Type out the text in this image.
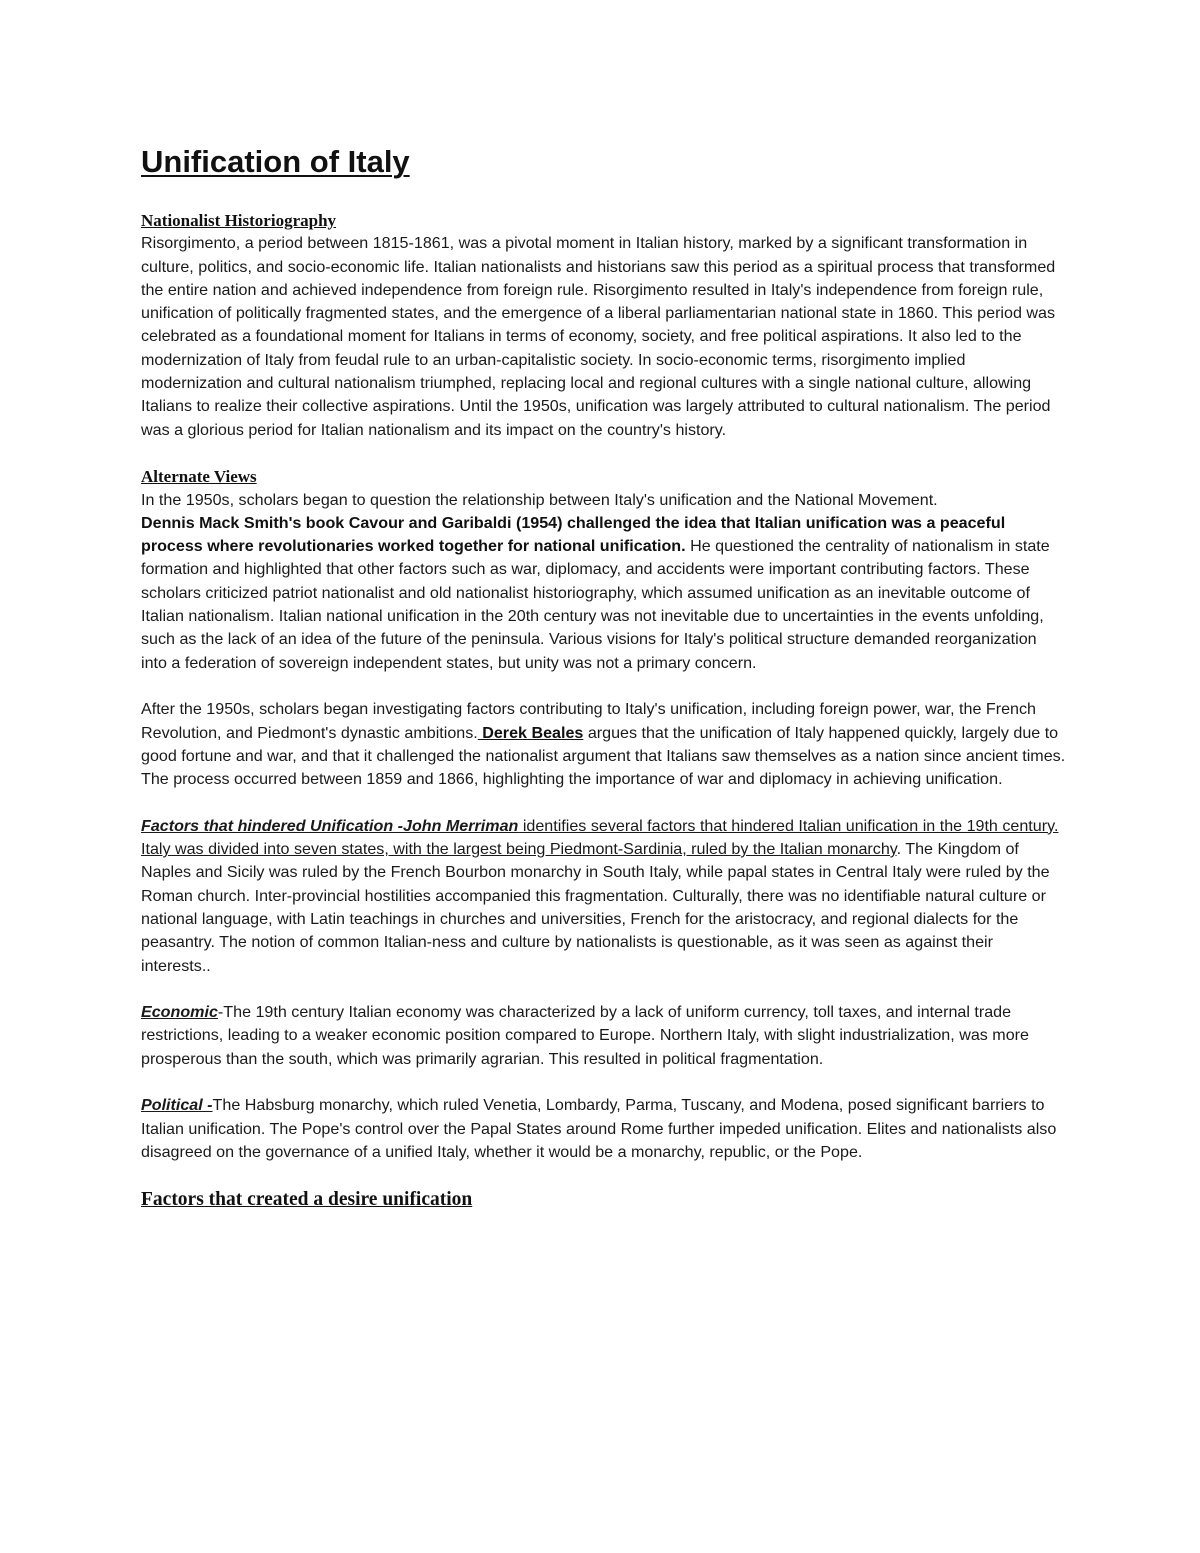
Unification of Italy
Nationalist Historiography

Risorgimento, a period between 1815-1861, was a pivotal moment in Italian history, marked by a significant transformation in culture, politics, and socio-economic life. Italian nationalists and historians saw this period as a spiritual process that transformed the entire nation and achieved independence from foreign rule. Risorgimento resulted in Italy's independence from foreign rule, unification of politically fragmented states, and the emergence of a liberal parliamentarian national state in 1860. This period was celebrated as a foundational moment for Italians in terms of economy, society, and free political aspirations. It also led to the modernization of Italy from feudal rule to an urban-capitalistic society. In socio-economic terms, risorgimento implied modernization and cultural nationalism triumphed, replacing local and regional cultures with a single national culture, allowing Italians to realize their collective aspirations. Until the 1950s, unification was largely attributed to cultural nationalism. The period was a glorious period for Italian nationalism and its impact on the country's history.

Alternate Views

In the 1950s, scholars began to question the relationship between Italy's unification and the National Movement.
Dennis Mack Smith's book Cavour and Garibaldi (1954) challenged the idea that Italian unification was a peaceful process where revolutionaries worked together for national unification. He questioned the centrality of nationalism in state formation and highlighted that other factors such as war, diplomacy, and accidents were important contributing factors. These scholars criticized patriot nationalist and old nationalist historiography, which assumed unification as an inevitable outcome of Italian nationalism. Italian national unification in the 20th century was not inevitable due to uncertainties in the events unfolding, such as the lack of an idea of the future of the peninsula. Various visions for Italy's political structure demanded reorganization into a federation of sovereign independent states, but unity was not a primary concern.

After the 1950s, scholars began investigating factors contributing to Italy's unification, including foreign power, war, the French Revolution, and Piedmont's dynastic ambitions. Derek Beales argues that the unification of Italy happened quickly, largely due to good fortune and war, and that it challenged the nationalist argument that Italians saw themselves as a nation since ancient times. The process occurred between 1859 and 1866, highlighting the importance of war and diplomacy in achieving unification.

Factors that hindered Unification -John Merriman identifies several factors that hindered Italian unification in the 19th century. Italy was divided into seven states, with the largest being Piedmont-Sardinia, ruled by the Italian monarchy. The Kingdom of Naples and Sicily was ruled by the French Bourbon monarchy in South Italy, while papal states in Central Italy were ruled by the Roman church. Inter-provincial hostilities accompanied this fragmentation. Culturally, there was no identifiable natural culture or national language, with Latin teachings in churches and universities, French for the aristocracy, and regional dialects for the peasantry. The notion of common Italian-ness and culture by nationalists is questionable, as it was seen as against their interests..

Economic-The 19th century Italian economy was characterized by a lack of uniform currency, toll taxes, and internal trade restrictions, leading to a weaker economic position compared to Europe. Northern Italy, with slight industrialization, was more prosperous than the south, which was primarily agrarian. This resulted in political fragmentation.

Political -The Habsburg monarchy, which ruled Venetia, Lombardy, Parma, Tuscany, and Modena, posed significant barriers to Italian unification. The Pope's control over the Papal States around Rome further impeded unification. Elites and nationalists also disagreed on the governance of a unified Italy, whether it would be a monarchy, republic, or the Pope.

Factors that created a desire unification
